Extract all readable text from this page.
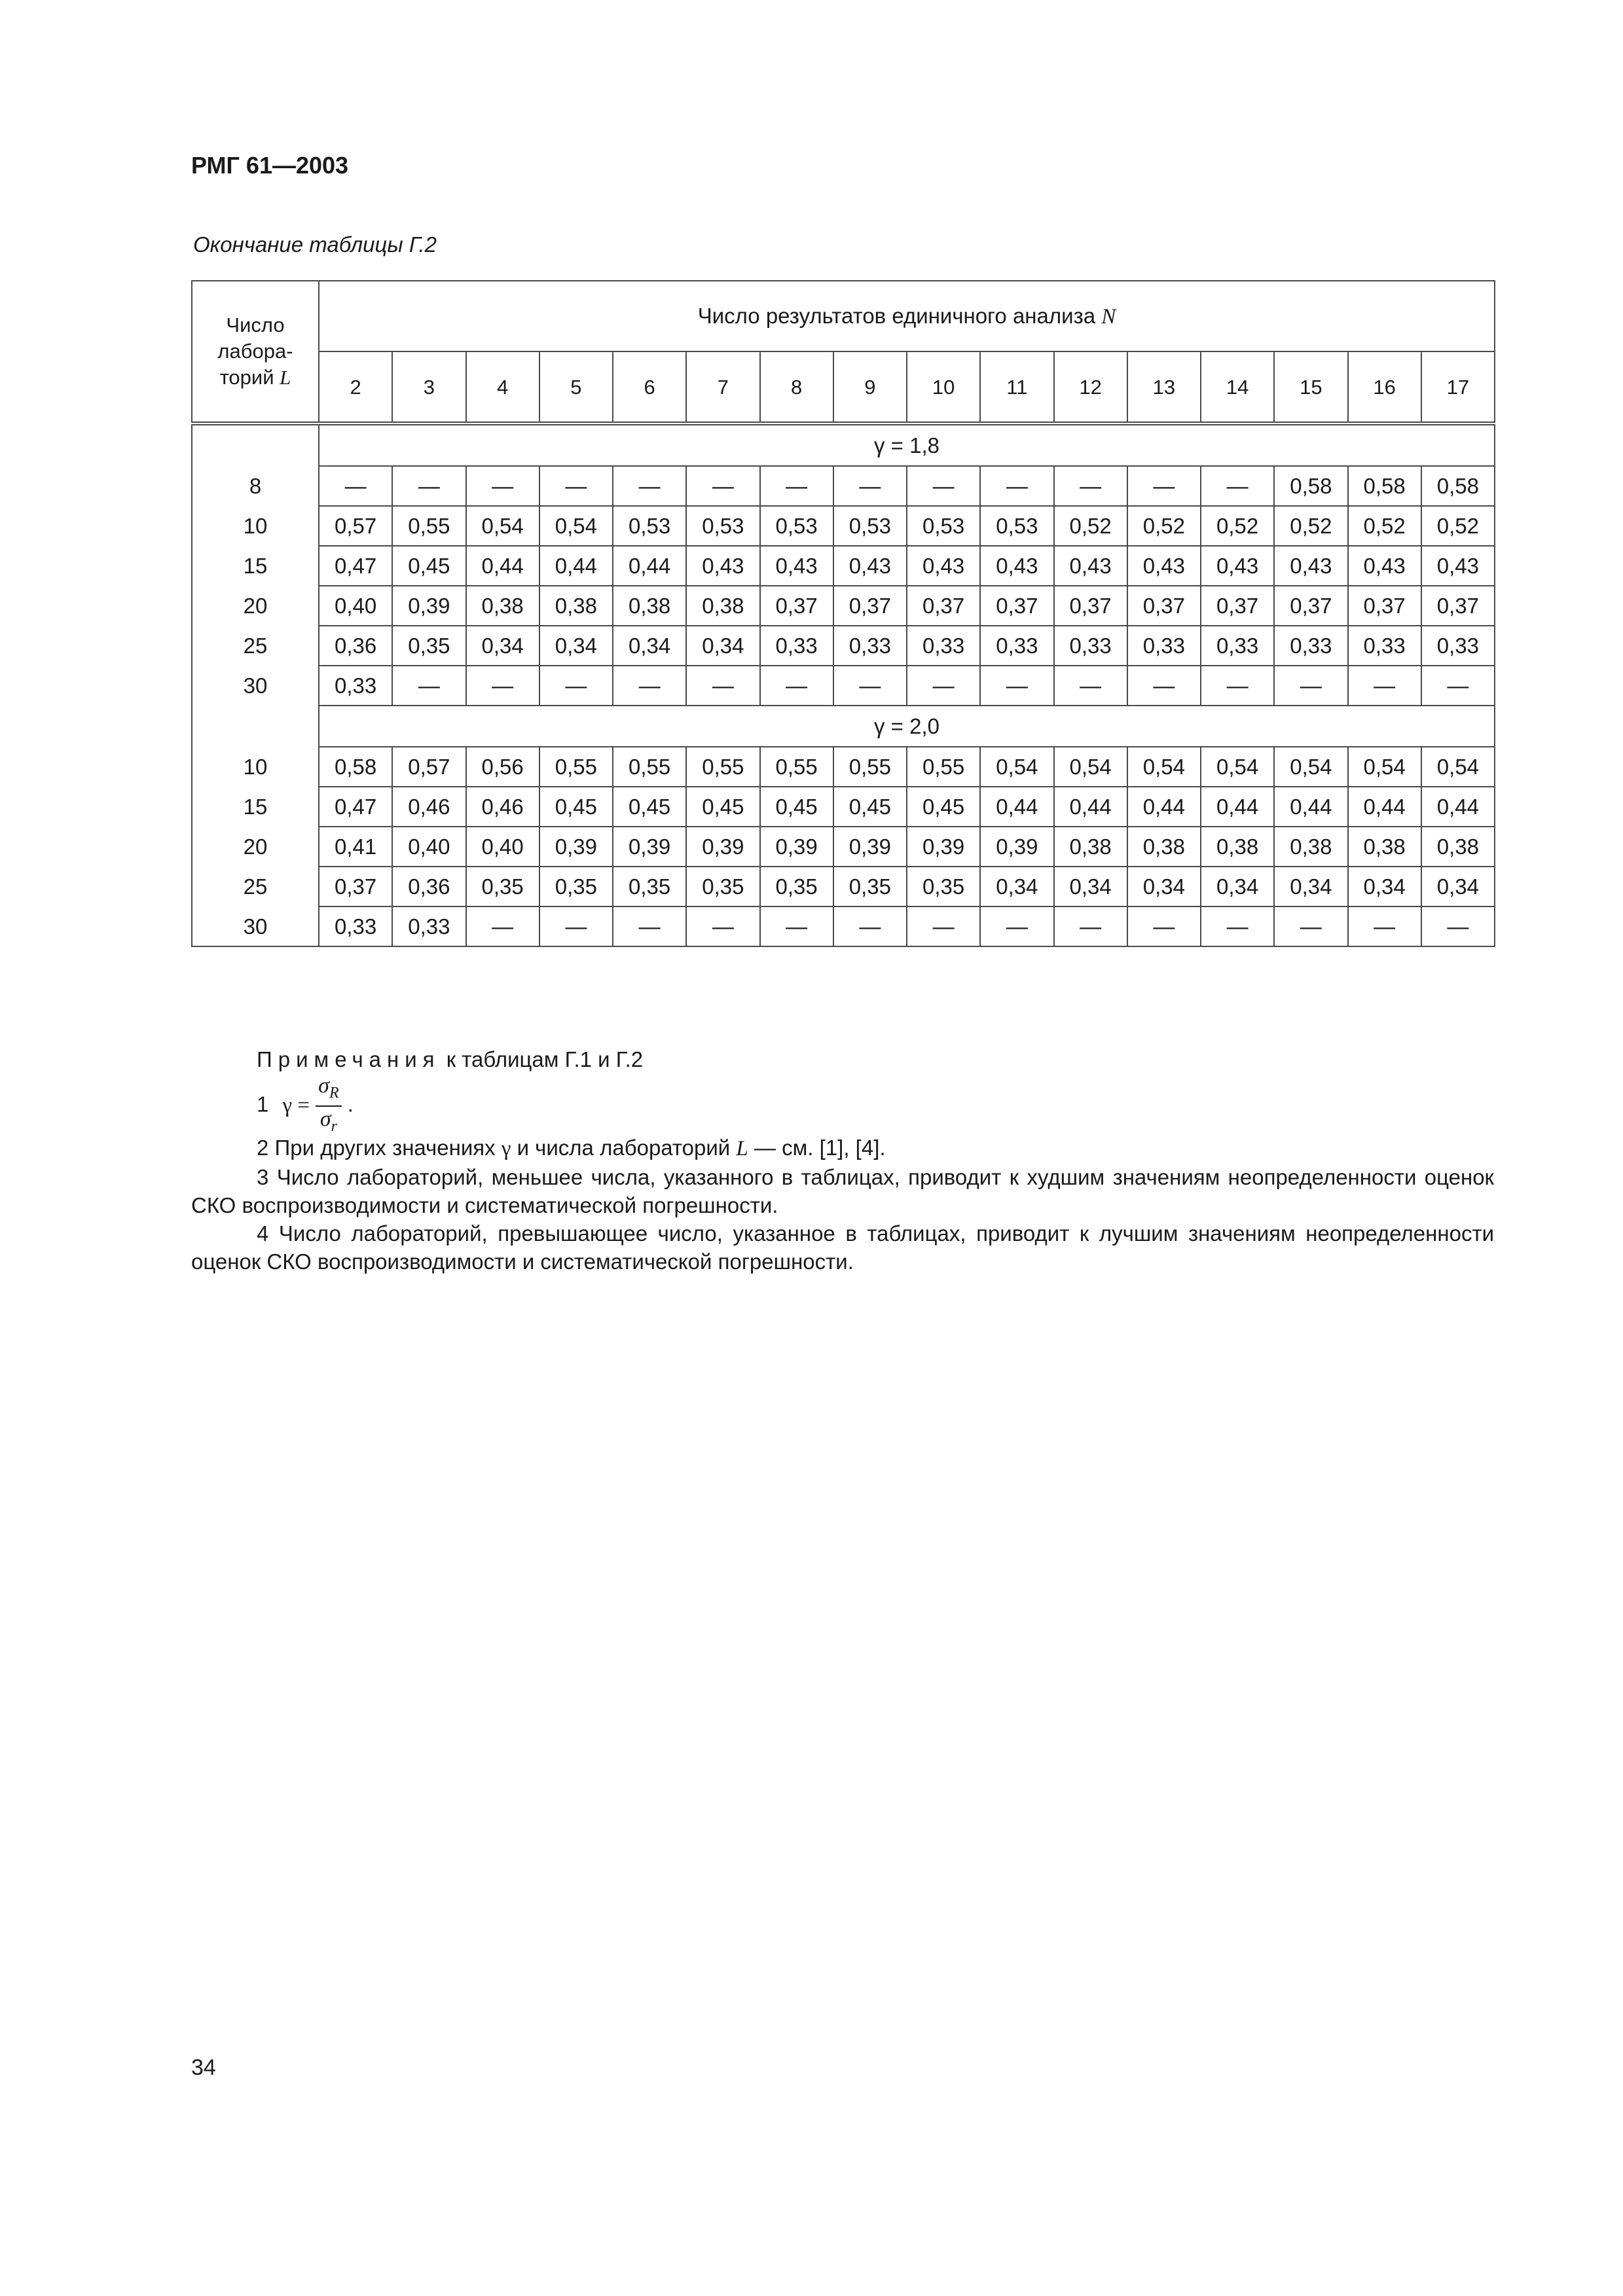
РМГ 61—2003
Окончание таблицы Г.2
Число
лабора-
торий L	Число результатов единичного анализа N															
	2	3	4	5	6	7	8	9	10	11	12	13	14	15	16	17
	γ = 1,8															
8	—	—	—	—	—	—	—	—	—	—	—	—	—	0,58	0,58	0,58
10	0,57	0,55	0,54	0,54	0,53	0,53	0,53	0,53	0,53	0,53	0,52	0,52	0,52	0,52	0,52	0,52
15	0,47	0,45	0,44	0,44	0,44	0,43	0,43	0,43	0,43	0,43	0,43	0,43	0,43	0,43	0,43	0,43
20	0,40	0,39	0,38	0,38	0,38	0,38	0,37	0,37	0,37	0,37	0,37	0,37	0,37	0,37	0,37	0,37
25	0,36	0,35	0,34	0,34	0,34	0,34	0,33	0,33	0,33	0,33	0,33	0,33	0,33	0,33	0,33	0,33
30	0,33	—	—	—	—	—	—	—	—	—	—	—	—	—	—	—
	γ = 2,0															
10	0,58	0,57	0,56	0,55	0,55	0,55	0,55	0,55	0,55	0,54	0,54	0,54	0,54	0,54	0,54	0,54
15	0,47	0,46	0,46	0,45	0,45	0,45	0,45	0,45	0,45	0,44	0,44	0,44	0,44	0,44	0,44	0,44
20	0,41	0,40	0,40	0,39	0,39	0,39	0,39	0,39	0,39	0,39	0,38	0,38	0,38	0,38	0,38	0,38
25	0,37	0,36	0,35	0,35	0,35	0,35	0,35	0,35	0,35	0,34	0,34	0,34	0,34	0,34	0,34	0,34
30	0,33	0,33	—	—	—	—	—	—	—	—	—	—	—	—	—	—

Примечания к таблицам Г.1 и Г.2

1 $\gamma = \frac{\sigma_R}{\sigma_r}$ .

2 При других значениях γ и числа лабораторий L — см. [1], [4].

3 Число лабораторий, меньшее числа, указанного в таблицах, приводит к худшим значениям неопределенности оценок СКО воспроизводимости и систематической погрешности.

4 Число лабораторий, превышающее число, указанное в таблицах, приводит к лучшим значениям неопределенности оценок СКО воспроизводимости и систематической погрешности.

34
